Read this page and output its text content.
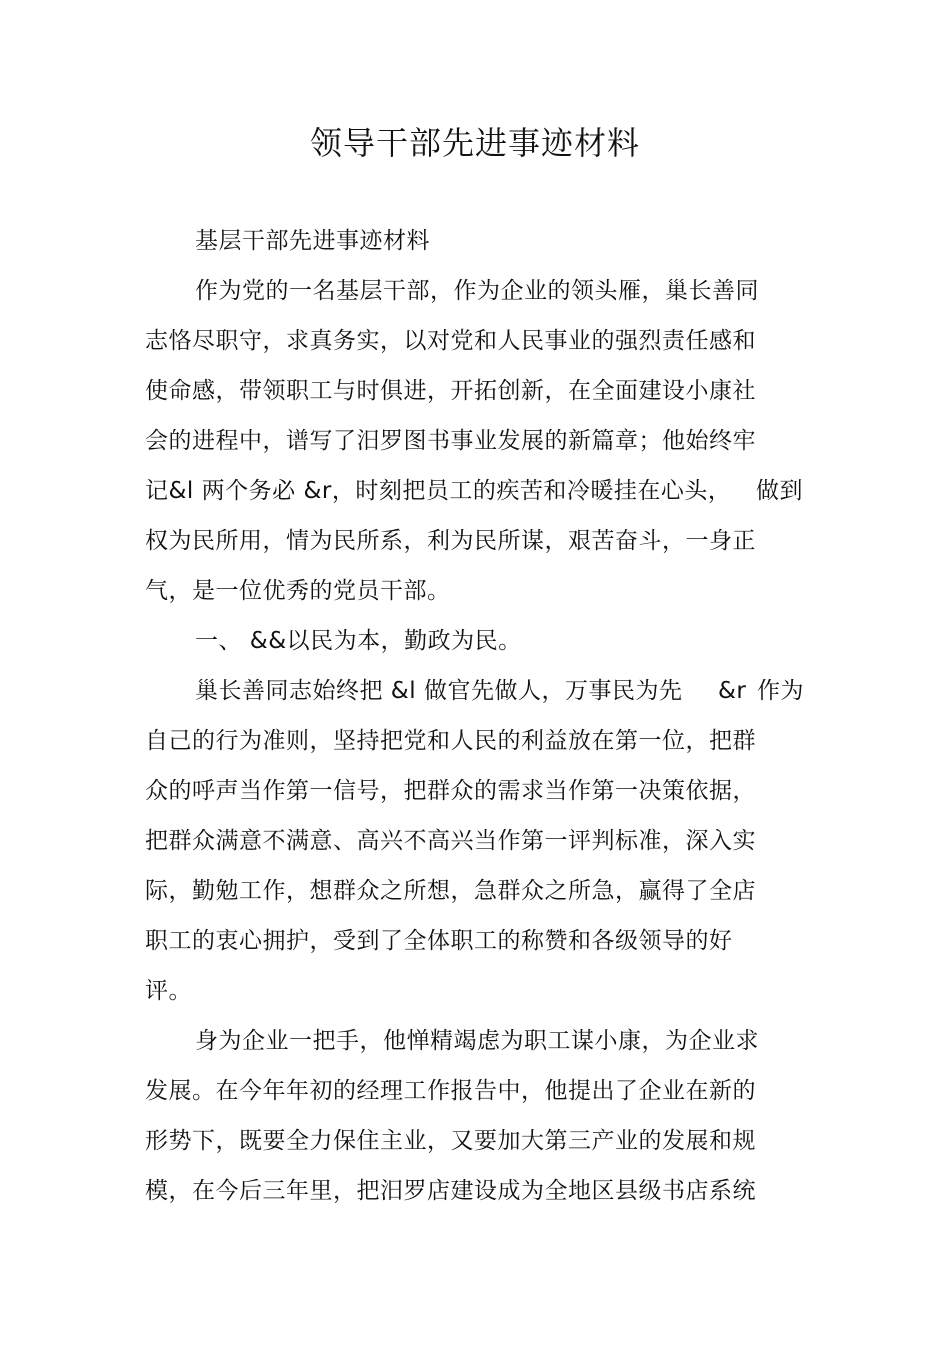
领导干部先进事迹材料
基层干部先进事迹材料
作为党的一名基层干部，作为企业的领头雁，巢长善同
志恪尽职守，求真务实，以对党和人民事业的强烈责任感和
使命感，带领职工与时俱进，开拓创新，在全面建设小康社
会的进程中，谱写了汨罗图书事业发展的新篇章；他始终牢
记&l 两个务必 &r，时刻把员工的疾苦和冷暖挂在心头， 做到
权为民所用，情为民所系，利为民所谋，艰苦奋斗，一身正
气，是一位优秀的党员干部。
一、 &&以民为本，勤政为民。
巢长善同志始终把 &l 做官先做人，万事民为先 &r 作为
自己的行为准则，坚持把党和人民的利益放在第一位，把群
众的呼声当作第一信号，把群众的需求当作第一决策依据，
把群众满意不满意、高兴不高兴当作第一评判标准，深入实
际，勤勉工作，想群众之所想，急群众之所急，赢得了全店
职工的衷心拥护，受到了全体职工的称赞和各级领导的好
评。
身为企业一把手，他惮精竭虑为职工谋小康，为企业求
发展。在今年年初的经理工作报告中，他提出了企业在新的
形势下，既要全力保住主业，又要加大第三产业的发展和规
模，在今后三年里，把汨罗店建设成为全地区县级书店系统
